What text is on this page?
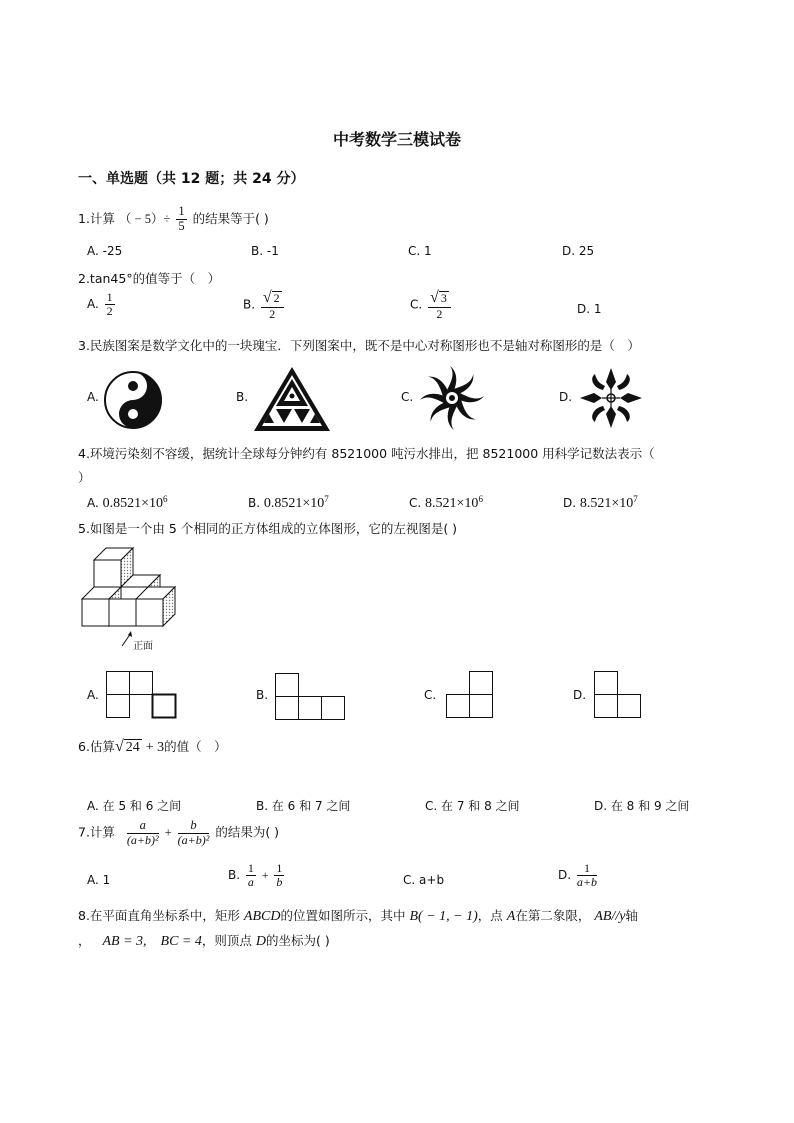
中考数学三模试卷
一、单选题（共 12 题；共 24 分）
1.计算 （ − $5)\div \frac{1}{5}$ 的结果等于( )
A. -25	B. -1	C. 1	D. 25
2.tan45°的值等于（　）
A. $\frac{1}{2}$	B. $\frac{√ 2}{2}$	C. $\frac{√ 3}{2}$	D. 1
3.民族图案是数学文化中的一块瑰宝．下列图案中，既不是中心对称图形也不是轴对称图形的是（　）
A.	B.	C.	D.
4.环境污染刻不容缓，据统计全球每分钟约有 8521000 吨污水排出，把 8521000 用科学记数法表示（
）
A. $0.8521\times 10^6$	B. $0.8521\times 10^7$	C. $8.521\times 10^6$	D. $8.521\times 10^7$
5.如图是一个由 5 个相同的正方体组成的立体图形，它的左视图是( )
正面
A.	B.	C.	D.
6.估算√ 24 + 3的值（　）
A. 在 5 和 6 之间	B. 在 6 和 7 之间	C. 在 7 和 8 之间	D. 在 8 和 9 之间
7.计算 $\frac{a}{\text{(a+b)²}} + \frac{b}{\text{(a+b)²}}$ 的结果为( )
A. 1	B. $\frac{1}{a} + \frac{1}{b}$	C. a+b	D. $\frac{1}{a+b}$
8.在平面直角坐标系中，矩形 ABCD的位置如图所示，其中 B( − 1, − 1)，点 A在第二象限， AB//y轴
， AB = 3, BC = 4，则顶点 D的坐标为( )
